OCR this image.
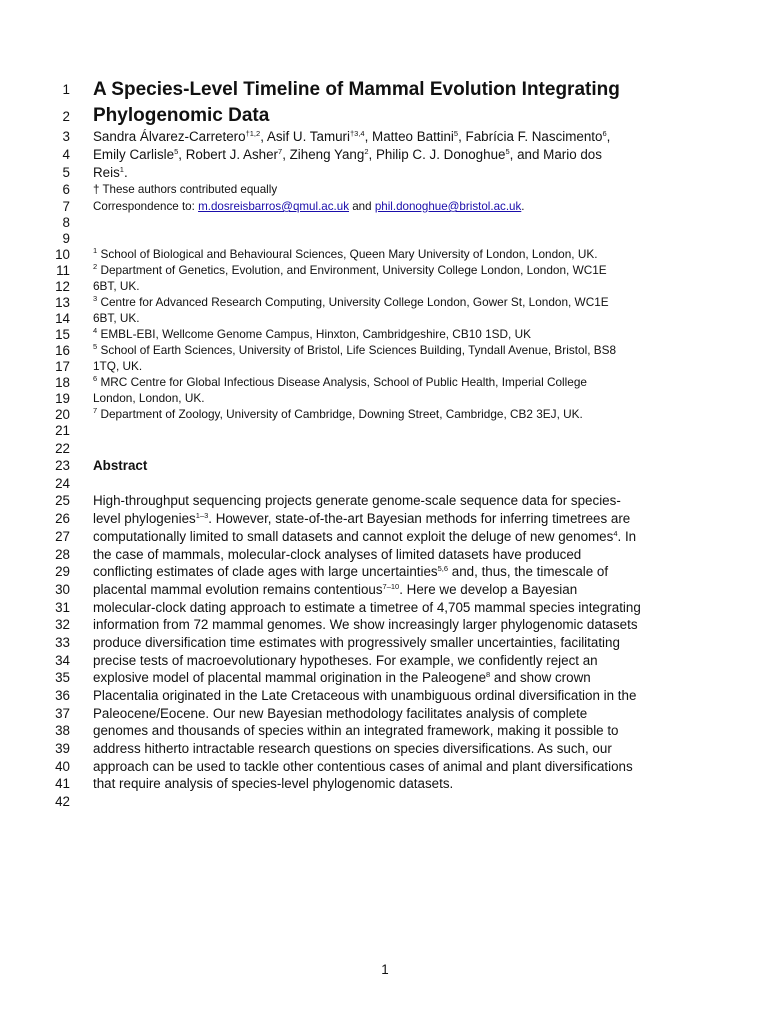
1
2
3
4
5
6
7
8
9
10
11
12
13
14
15
16
17
18
19
20
21
22
23
24
25
26
27
28
29
30
31
32
33
34
35
36
37
38
39
40
41
42
A Species-Level Timeline of Mammal Evolution Integrating
Phylogenomic Data
Sandra Álvarez-Carretero$^{\dagger 1,2}$, Asif U. Tamuri$^{\dagger 3,4}$, Matteo Battini$^5$, Fabrícia F. Nascimento$^6$,
Emily Carlisle$^5$, Robert J. Asher$^7$, Ziheng Yang$^2$, Philip C. J. Donoghue$^5$, and Mario dos
Reis$^1$.
† These authors contributed equally
Correspondence to: m.dosreisbarros@qmul.ac.uk and phil.donoghue@bristol.ac.uk.
$^1$ School of Biological and Behavioural Sciences, Queen Mary University of London, London, UK.
$^2$ Department of Genetics, Evolution, and Environment, University College London, London, WC1E
6BT, UK.
$^3$ Centre for Advanced Research Computing, University College London, Gower St, London, WC1E
6BT, UK.
$^4$ EMBL-EBI, Wellcome Genome Campus, Hinxton, Cambridgeshire, CB10 1SD, UK
$^5$ School of Earth Sciences, University of Bristol, Life Sciences Building, Tyndall Avenue, Bristol, BS8
1TQ, UK.
$^6$ MRC Centre for Global Infectious Disease Analysis, School of Public Health, Imperial College
London, London, UK.
$^7$ Department of Zoology, University of Cambridge, Downing Street, Cambridge, CB2 3EJ, UK.
Abstract
High-throughput sequencing projects generate genome-scale sequence data for species-
level phylogenies$^{1-3}$. However, state-of-the-art Bayesian methods for inferring timetrees are
computationally limited to small datasets and cannot exploit the deluge of new genomes$^4$. In
the case of mammals, molecular-clock analyses of limited datasets have produced
conflicting estimates of clade ages with large uncertainties$^{5,6}$ and, thus, the timescale of
placental mammal evolution remains contentious$^{7-10}$. Here we develop a Bayesian
molecular-clock dating approach to estimate a timetree of 4,705 mammal species integrating
information from 72 mammal genomes. We show increasingly larger phylogenomic datasets
produce diversification time estimates with progressively smaller uncertainties, facilitating
precise tests of macroevolutionary hypotheses. For example, we confidently reject an
explosive model of placental mammal origination in the Paleogene$^8$ and show crown
Placentalia originated in the Late Cretaceous with unambiguous ordinal diversification in the
Paleocene/Eocene. Our new Bayesian methodology facilitates analysis of complete
genomes and thousands of species within an integrated framework, making it possible to
address hitherto intractable research questions on species diversifications. As such, our
approach can be used to tackle other contentious cases of animal and plant diversifications
that require analysis of species-level phylogenomic datasets.
1
